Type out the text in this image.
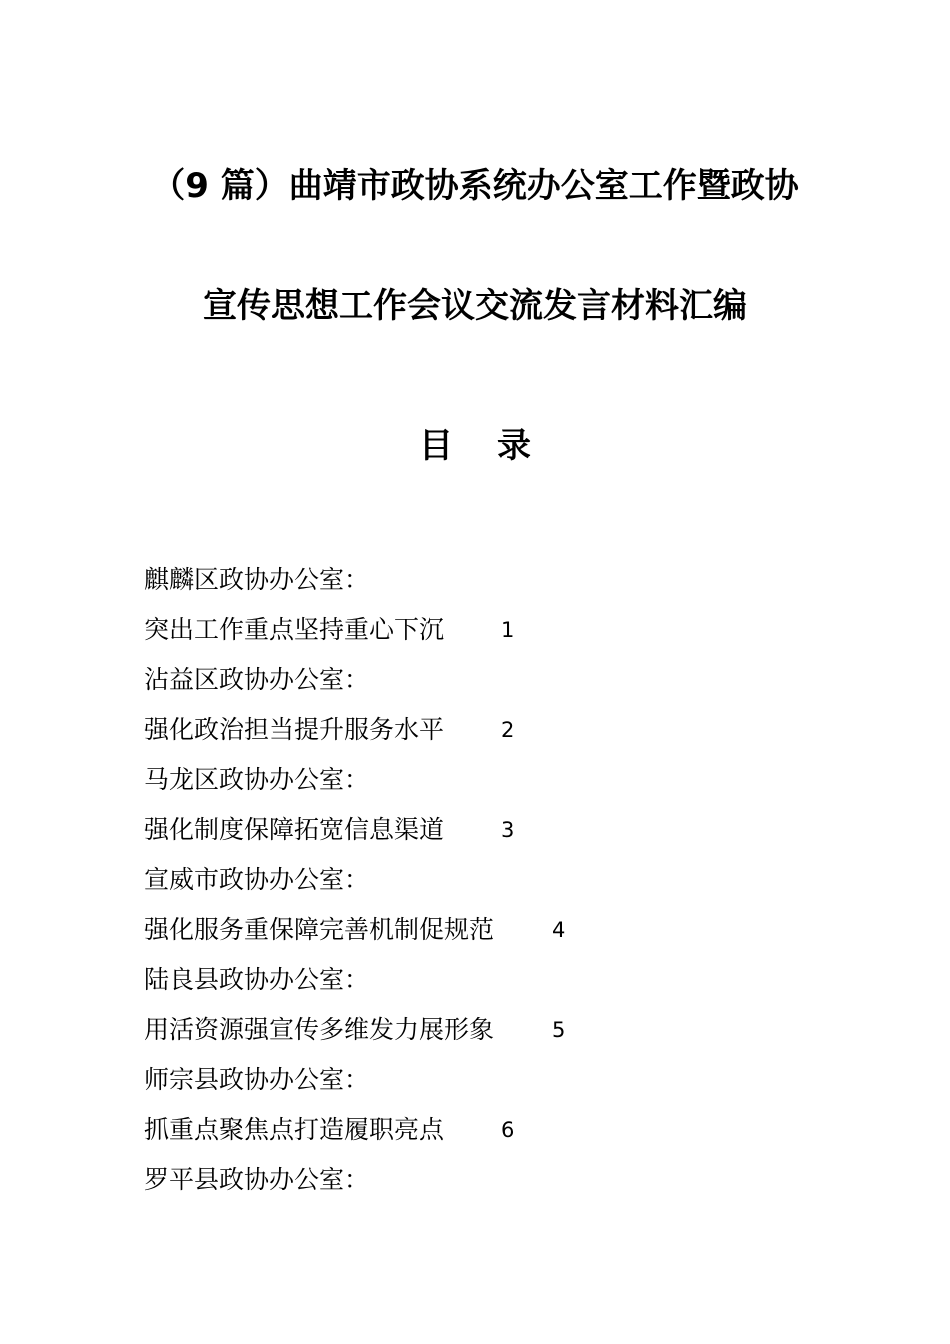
（9 篇）曲靖市政协系统办公室工作暨政协
宣传思想工作会议交流发言材料汇编
目 录
麒麟区政协办公室：
突出工作重点坚持重心下沉	1
沾益区政协办公室：
强化政治担当提升服务水平	2
马龙区政协办公室：
强化制度保障拓宽信息渠道	3
宣威市政协办公室：
强化服务重保障完善机制促规范	4
陆良县政协办公室：
用活资源强宣传多维发力展形象	5
师宗县政协办公室：
抓重点聚焦点打造履职亮点	6
罗平县政协办公室：
